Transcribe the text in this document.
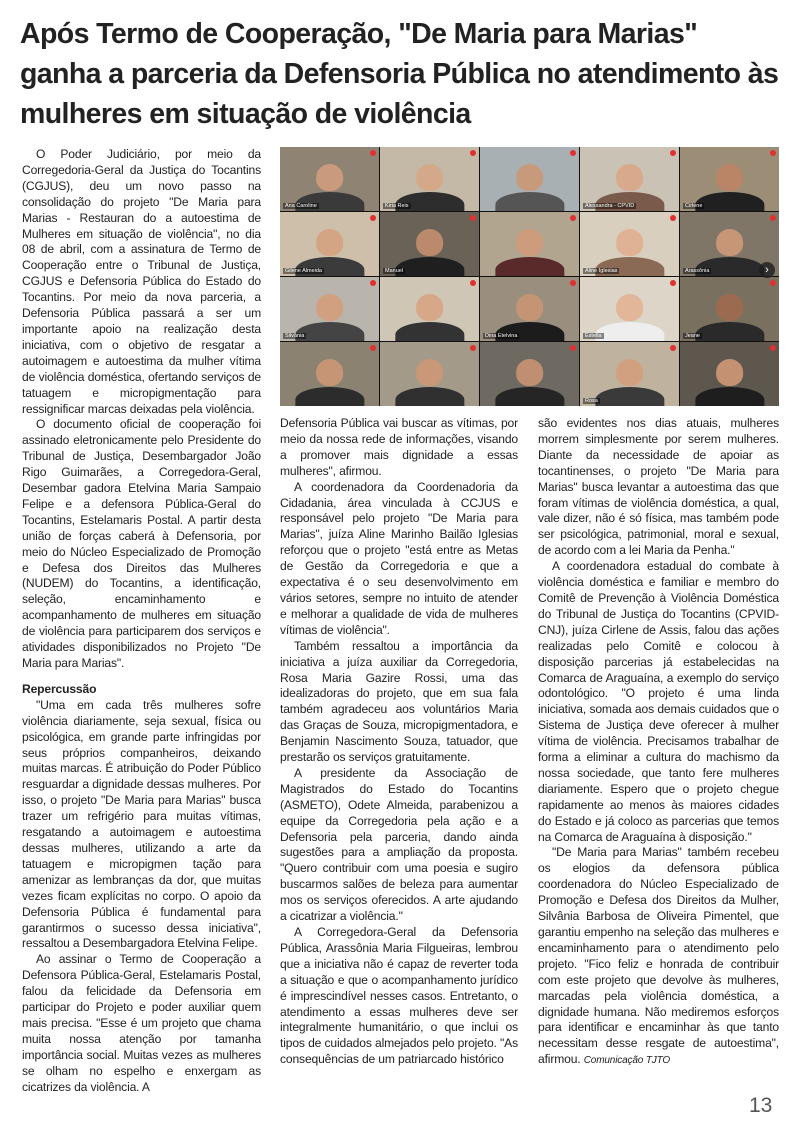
Após Termo de Cooperação, "De Maria para Marias" ganha a parceria da Defensoria Pública no atendimento às mulheres em situação de violência
Ana Caroline	Kiria Reis	Alessandra - CPVID	Cirlene
Gilene Almeida	Manuel	Aline Iglesias	Arassônia
Silvânia	Dina Etelvina	Estella	Jeane
Rosa
›

O Poder Judiciário, por meio da Corregedoria-Geral da Justiça do Tocantins (CGJUS), deu um novo passo na consolidação do projeto "De Maria para Marias - Restauran do a autoestima de Mulheres em situação de violência", no dia 08 de abril, com a assinatura de Termo de Cooperação entre o Tribunal de Justiça, CGJUS e Defensoria Pública do Estado do Tocantins. Por meio da nova parceria, a Defensoria Pública passará a ser um importante apoio na realização desta iniciativa, com o objetivo de resgatar a autoimagem e autoestima da mulher vítima de violência doméstica, ofertando serviços de tatuagem e micropigmentação para ressignificar marcas deixadas pela violência.

O documento oficial de cooperação foi assinado eletronicamente pelo Presidente do Tribunal de Justiça, Desembargador João Rigo Guimarães, a Corregedora-Geral, Desembar gadora Etelvina Maria Sampaio Felipe e a defensora Pública-Geral do Tocantins, Estelamaris Postal. A partir desta união de forças caberá à Defensoria, por meio do Núcleo Especializado de Promoção e Defesa dos Direitos das Mulheres (NUDEM) do Tocantins, a identificação, seleção, encaminhamento e acompanhamento de mulheres em situação de violência para participarem dos serviços e atividades disponibilizados no Projeto "De Maria para Marias".

Repercussão

"Uma em cada três mulheres sofre violência diariamente, seja sexual, física ou psicológica, em grande parte infringidas por seus próprios companheiros, deixando muitas marcas. É atribuição do Poder Público resguardar a dignidade dessas mulheres. Por isso, o projeto "De Maria para Marias" busca trazer um refrigério para muitas vítimas, resgatando a autoimagem e autoestima dessas mulheres, utilizando a arte da tatuagem e micropigmen tação para amenizar as lembranças da dor, que muitas vezes ficam explícitas no corpo. O apoio da Defensoria Pública é fundamental para garantirmos o sucesso dessa iniciativa", ressaltou a Desembargadora Etelvina Felipe.

Ao assinar o Termo de Cooperação a Defensora Pública-Geral, Estelamaris Postal, falou da felicidade da Defensoria em participar do Projeto e poder auxiliar quem mais precisa. "Esse é um projeto que chama muita nossa atenção por tamanha importância social. Muitas vezes as mulheres se olham no espelho e enxergam as cicatrizes da violência. A

Defensoria Pública vai buscar as vítimas, por meio da nossa rede de informações, visando a promover mais dignidade a essas mulheres", afirmou.

A coordenadora da Coordenadoria da Cidadania, área vinculada à CCJUS e responsável pelo projeto "De Maria para Marias", juíza Aline Marinho Bailão Iglesias reforçou que o projeto "está entre as Metas de Gestão da Corregedoria e que a expectativa é o seu desenvolvimento em vários setores, sempre no intuito de atender e melhorar a qualidade de vida de mulheres vítimas de violência".

Também ressaltou a importância da iniciativa a juíza auxiliar da Corregedoria, Rosa Maria Gazire Rossi, uma das idealizadoras do projeto, que em sua fala também agradeceu aos voluntários Maria das Graças de Souza, micropigmentadora, e Benjamin Nascimento Souza, tatuador, que prestarão os serviços gratuitamente.

A presidente da Associação de Magistrados do Estado do Tocantins (ASMETO), Odete Almeida, parabenizou a equipe da Corregedoria pela ação e a Defensoria pela parceria, dando ainda sugestões para a ampliação da proposta. "Quero contribuir com uma poesia e sugiro buscarmos salões de beleza para aumentar mos os serviços oferecidos. A arte ajudando a cicatrizar a violência."

A Corregedora-Geral da Defensoria Pública, Arassônia Maria Filgueiras, lembrou que a iniciativa não é capaz de reverter toda a situação e que o acompanhamento jurídico é imprescindível nesses casos. Entretanto, o atendimento a essas mulheres deve ser integralmente humanitário, o que inclui os tipos de cuidados almejados pelo projeto. "As consequências de um patriarcado histórico

são evidentes nos dias atuais, mulheres morrem simplesmente por serem mulheres. Diante da necessidade de apoiar as tocantinenses, o projeto "De Maria para Marias" busca levantar a autoestima das que foram vítimas de violência doméstica, a qual, vale dizer, não é só física, mas também pode ser psicológica, patrimonial, moral e sexual, de acordo com a lei Maria da Penha."

A coordenadora estadual do combate à violência doméstica e familiar e membro do Comitê de Prevenção à Violência Doméstica do Tribunal de Justiça do Tocantins (CPVID-CNJ), juíza Cirlene de Assis, falou das ações realizadas pelo Comitê e colocou à disposição parcerias já estabelecidas na Comarca de Araguaína, a exemplo do serviço odontológico. "O projeto é uma linda iniciativa, somada aos demais cuidados que o Sistema de Justiça deve oferecer à mulher vítima de violência. Precisamos trabalhar de forma a eliminar a cultura do machismo da nossa sociedade, que tanto fere mulheres diariamente. Espero que o projeto chegue rapidamente ao menos às maiores cidades do Estado e já coloco as parcerias que temos na Comarca de Araguaína à disposição."

"De Maria para Marias" também recebeu os elogios da defensora pública coordenadora do Núcleo Especializado de Promoção e Defesa dos Direitos da Mulher, Silvânia Barbosa de Oliveira Pimentel, que garantiu empenho na seleção das mulheres e encaminhamento para o atendimento pelo projeto. "Fico feliz e honrada de contribuir com este projeto que devolve às mulheres, marcadas pela violência doméstica, a dignidade humana. Não mediremos esforços para identificar e encaminhar às que tanto necessitam desse resgate de autoestima", afirmou. Comunicação TJTO

13
